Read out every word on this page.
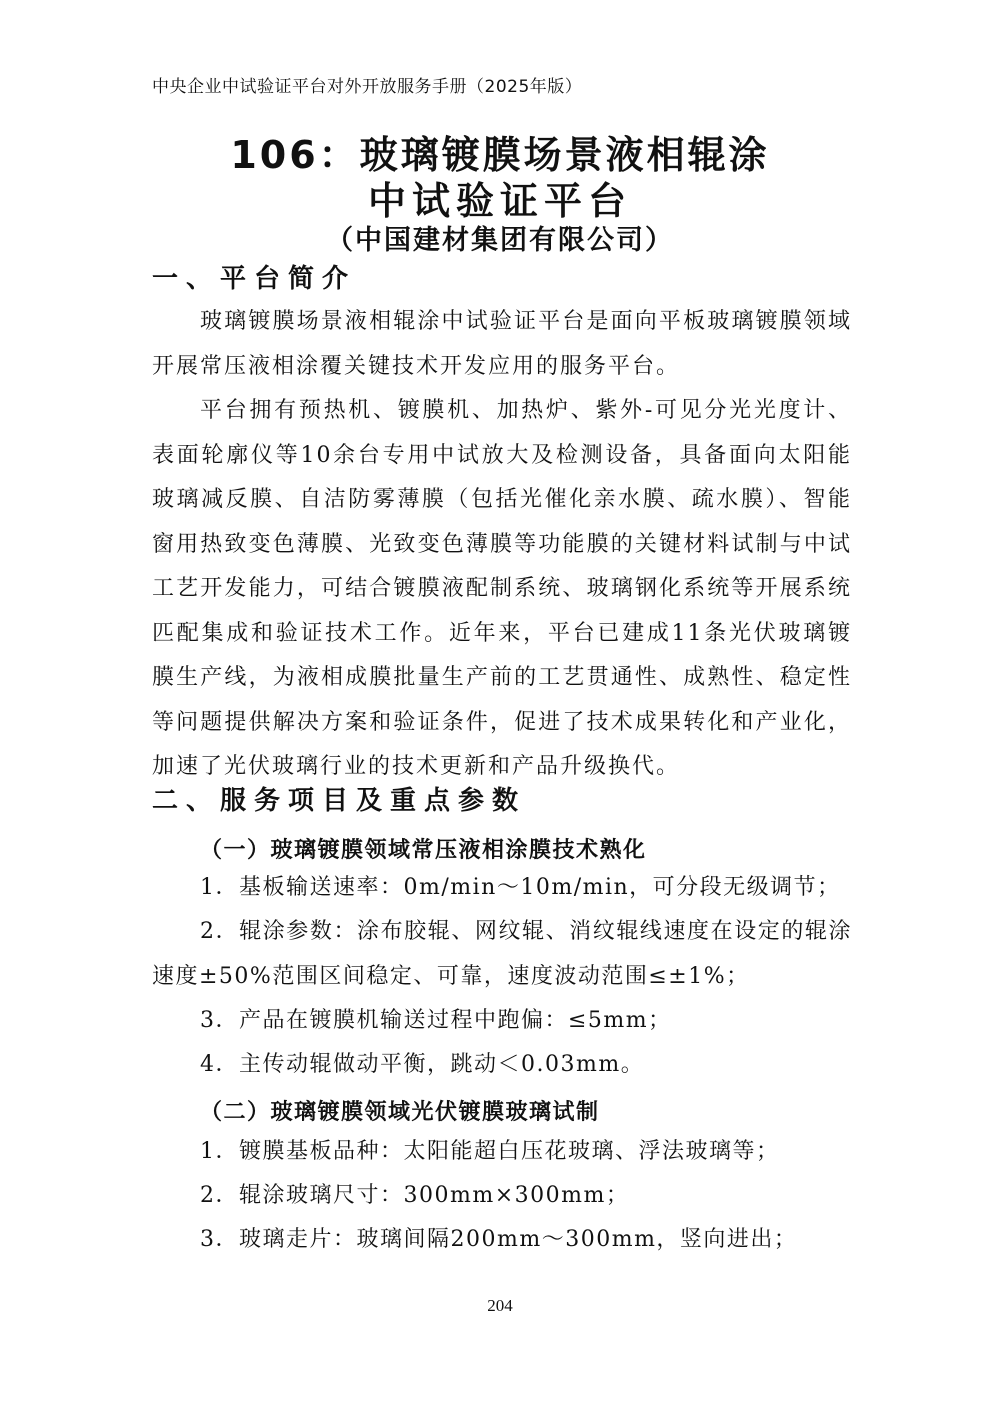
中央企业中试验证平台对外开放服务手册（2025年版）
106：玻璃镀膜场景液相辊涂
中试验证平台
（中国建材集团有限公司）
一、平台简介

玻璃镀膜场景液相辊涂中试验证平台是面向平板玻璃镀膜领域开展常压液相涂覆关键技术开发应用的服务平台。

平台拥有预热机、镀膜机、加热炉、紫外-可见分光光度计、表面轮廓仪等10余台专用中试放大及检测设备，具备面向太阳能玻璃减反膜、自洁防雾薄膜（包括光催化亲水膜、疏水膜）、智能窗用热致变色薄膜、光致变色薄膜等功能膜的关键材料试制与中试工艺开发能力，可结合镀膜液配制系统、玻璃钢化系统等开展系统匹配集成和验证技术工作。近年来，平台已建成11条光伏玻璃镀膜生产线，为液相成膜批量生产前的工艺贯通性、成熟性、稳定性等问题提供解决方案和验证条件，促进了技术成果转化和产业化，加速了光伏玻璃行业的技术更新和产品升级换代。

二、服务项目及重点参数
（一）玻璃镀膜领域常压液相涂膜技术熟化

1．基板输送速率：0m/min～10m/min，可分段无级调节；

2．辊涂参数：涂布胶辊、网纹辊、消纹辊线速度在设定的辊涂速度±50%范围区间稳定、可靠，速度波动范围≤±1%；

3．产品在镀膜机输送过程中跑偏：≤5mm；

4．主传动辊做动平衡，跳动＜0.03mm。

（二）玻璃镀膜领域光伏镀膜玻璃试制

1．镀膜基板品种：太阳能超白压花玻璃、浮法玻璃等；

2．辊涂玻璃尺寸：300mm×300mm；

3．玻璃走片：玻璃间隔200mm～300mm，竖向进出；

204
